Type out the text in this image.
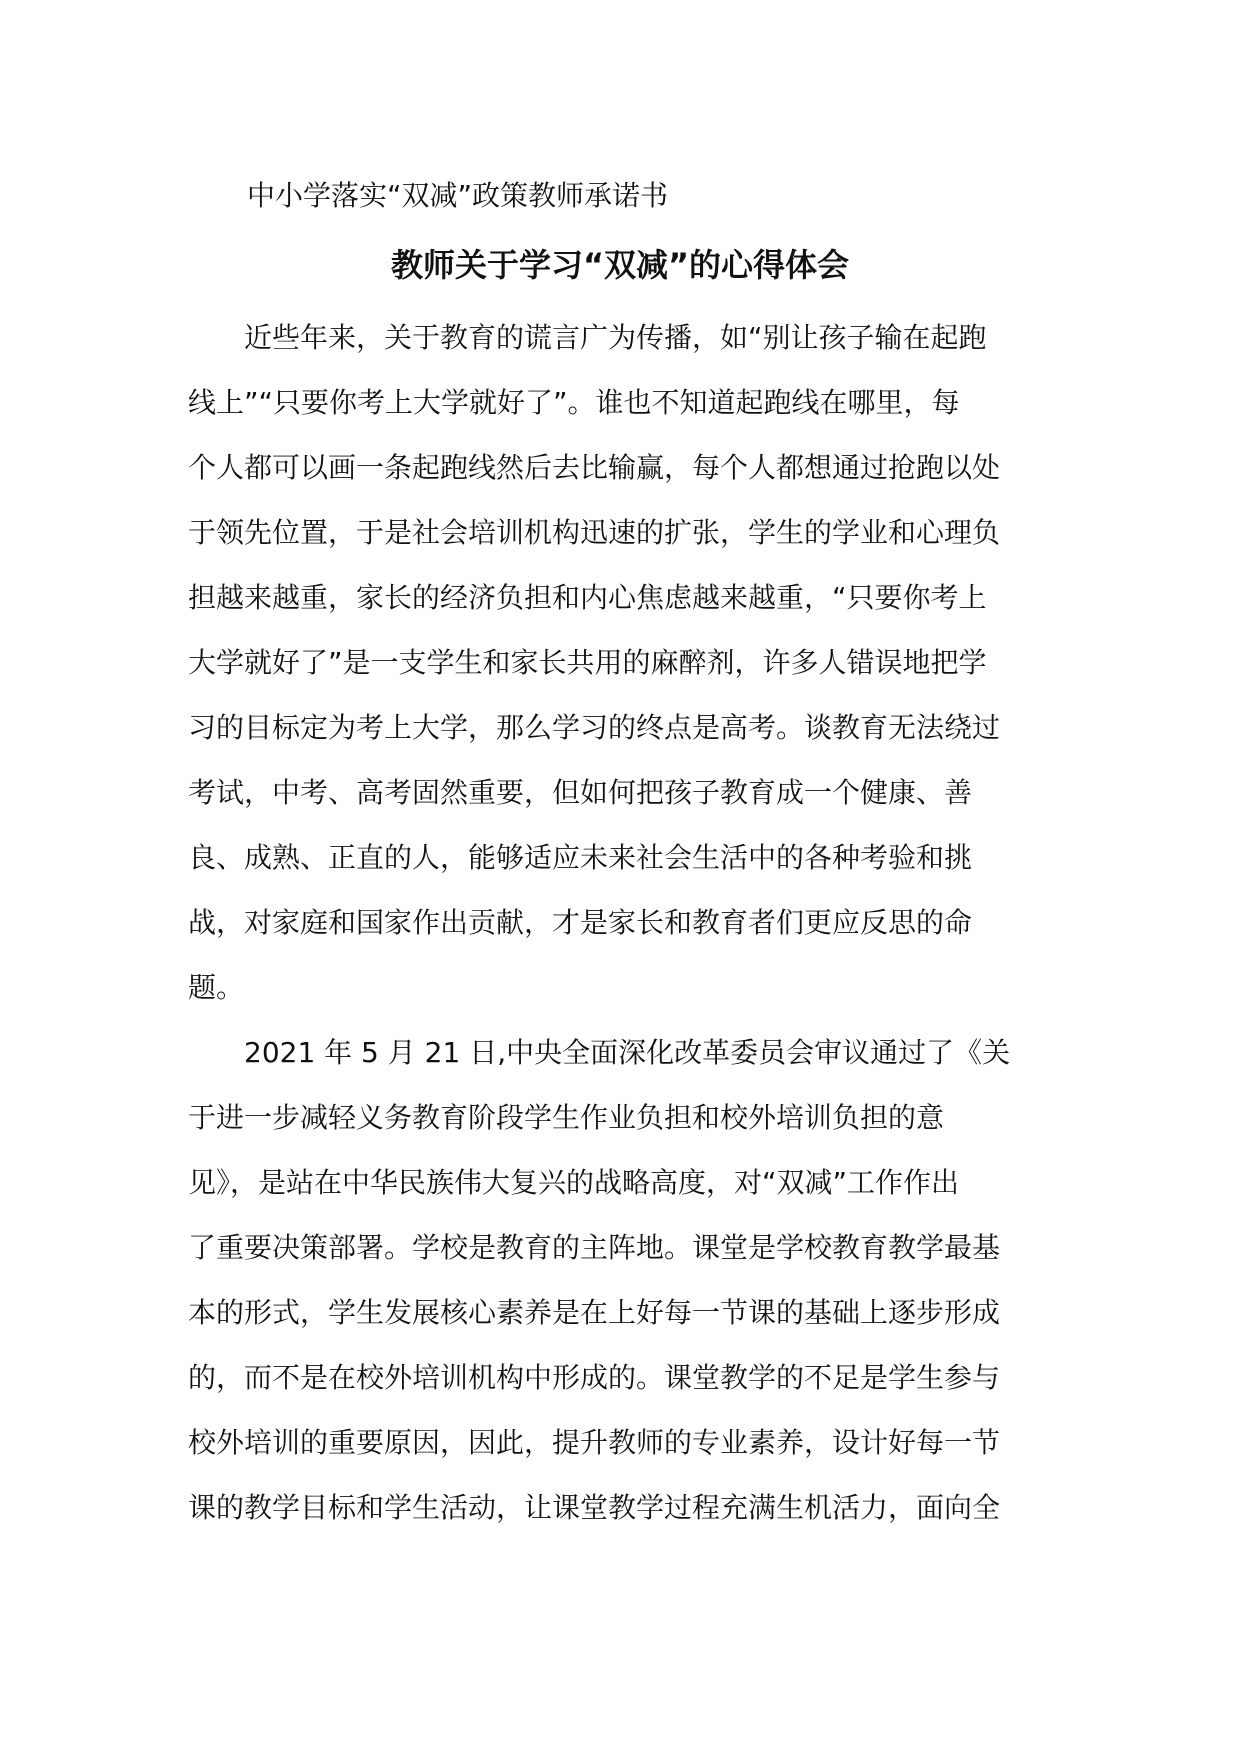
中小学落实“双减”政策教师承诺书
教师关于学习“双减”的心得体会
　　近些年来，关于教育的谎言广为传播，如“别让孩子输在起跑
线上”“只要你考上大学就好了”。谁也不知道起跑线在哪里，每
个人都可以画一条起跑线然后去比输赢，每个人都想通过抢跑以处
于领先位置，于是社会培训机构迅速的扩张，学生的学业和心理负
担越来越重，家长的经济负担和内心焦虑越来越重，“只要你考上
大学就好了”是一支学生和家长共用的麻醉剂，许多人错误地把学
习的目标定为考上大学，那么学习的终点是高考。谈教育无法绕过
考试，中考、高考固然重要，但如何把孩子教育成一个健康、善
良、成熟、正直的人，能够适应未来社会生活中的各种考验和挑
战，对家庭和国家作出贡献，才是家长和教育者们更应反思的命
题。
　　2021 年 5 月 21 日,中央全面深化改革委员会审议通过了《关
于进一步减轻义务教育阶段学生作业负担和校外培训负担的意
见》，是站在中华民族伟大复兴的战略高度，对“双减”工作作出
了重要决策部署。学校是教育的主阵地。课堂是学校教育教学最基
本的形式，学生发展核心素养是在上好每一节课的基础上逐步形成
的，而不是在校外培训机构中形成的。课堂教学的不足是学生参与
校外培训的重要原因，因此，提升教师的专业素养，设计好每一节
课的教学目标和学生活动，让课堂教学过程充满生机活力，面向全
